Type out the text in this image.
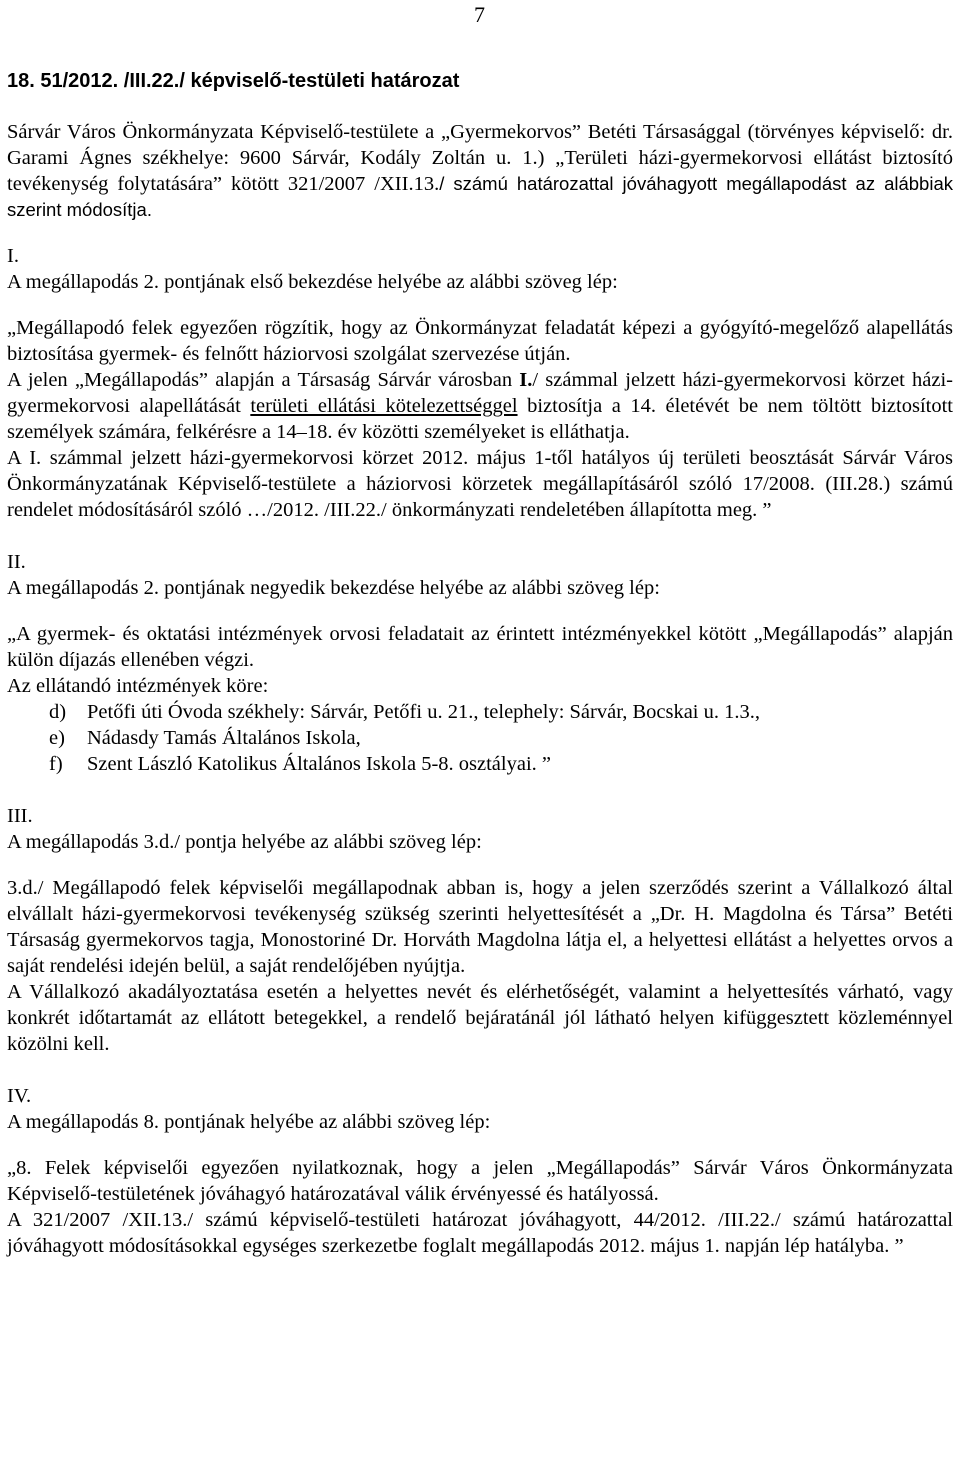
7
18. 51/2012. /III.22./ képviselő-testületi határozat

Sárvár Város Önkormányzata Képviselő-testülete a „Gyermekorvos” Betéti Társasággal (törvényes képviselő: dr. Garami Ágnes székhelye: 9600 Sárvár, Kodály Zoltán u. 1.) „Területi házi-gyermekorvosi ellátást biztosító tevékenység folytatására” kötött 321/2007 /XII.13./ számú határozattal jóváhagyott megállapodást az alábbiak szerint módosítja.

I.

A megállapodás 2. pontjának első bekezdése helyébe az alábbi szöveg lép:

„Megállapodó felek egyezően rögzítik, hogy az Önkormányzat feladatát képezi a gyógyító-megelőző alapellátás biztosítása gyermek- és felnőtt háziorvosi szolgálat szervezése útján.

A jelen „Megállapodás” alapján a Társaság Sárvár városban I./ számmal jelzett házi-gyermekorvosi körzet házi-gyermekorvosi alapellátását területi ellátási kötelezettséggel biztosítja a 14. életévét be nem töltött biztosított személyek számára, felkérésre a 14–18. év közötti személyeket is elláthatja.

A I. számmal jelzett házi-gyermekorvosi körzet 2012. május 1-től hatályos új területi beosztását Sárvár Város Önkormányzatának Képviselő-testülete a háziorvosi körzetek megállapításáról szóló 17/2008. (III.28.) számú rendelet módosításáról szóló …/2012. /III.22./ önkormányzati rendeletében állapította meg. ”

II.

A megállapodás 2. pontjának negyedik bekezdése helyébe az alábbi szöveg lép:

„A gyermek- és oktatási intézmények orvosi feladatait az érintett intézményekkel kötött „Megállapodás” alapján külön díjazás ellenében végzi.

Az ellátandó intézmények köre:

d)	Petőfi úti Óvoda székhely: Sárvár, Petőfi u. 21., telephely: Sárvár, Bocskai u. 1.3.,
e)	Nádasdy Tamás Általános Iskola,
f)	Szent László Katolikus Általános Iskola 5-8. osztályai. ”

III.

A megállapodás 3.d./ pontja helyébe az alábbi szöveg lép:

3.d./ Megállapodó felek képviselői megállapodnak abban is, hogy a jelen szerződés szerint a Vállalkozó által elvállalt házi-gyermekorvosi tevékenység szükség szerinti helyettesítését a „Dr. H. Magdolna és Társa” Betéti Társaság gyermekorvos tagja, Monostoriné Dr. Horváth Magdolna látja el, a helyettesi ellátást a helyettes orvos a saját rendelési idején belül, a saját rendelőjében nyújtja.

A Vállalkozó akadályoztatása esetén a helyettes nevét és elérhetőségét, valamint a helyettesítés várható, vagy konkrét időtartamát az ellátott betegekkel, a rendelő bejáratánál jól látható helyen kifüggesztett közleménnyel közölni kell.

IV.

A megállapodás 8. pontjának helyébe az alábbi szöveg lép:

„8. Felek képviselői egyezően nyilatkoznak, hogy a jelen „Megállapodás” Sárvár Város Önkormányzata Képviselő-testületének jóváhagyó határozatával válik érvényessé és hatályossá.

A 321/2007 /XII.13./ számú képviselő-testületi határozat jóváhagyott, 44/2012. /III.22./ számú határozattal jóváhagyott módosításokkal egységes szerkezetbe foglalt megállapodás 2012. május 1. napján lép hatályba. ”
